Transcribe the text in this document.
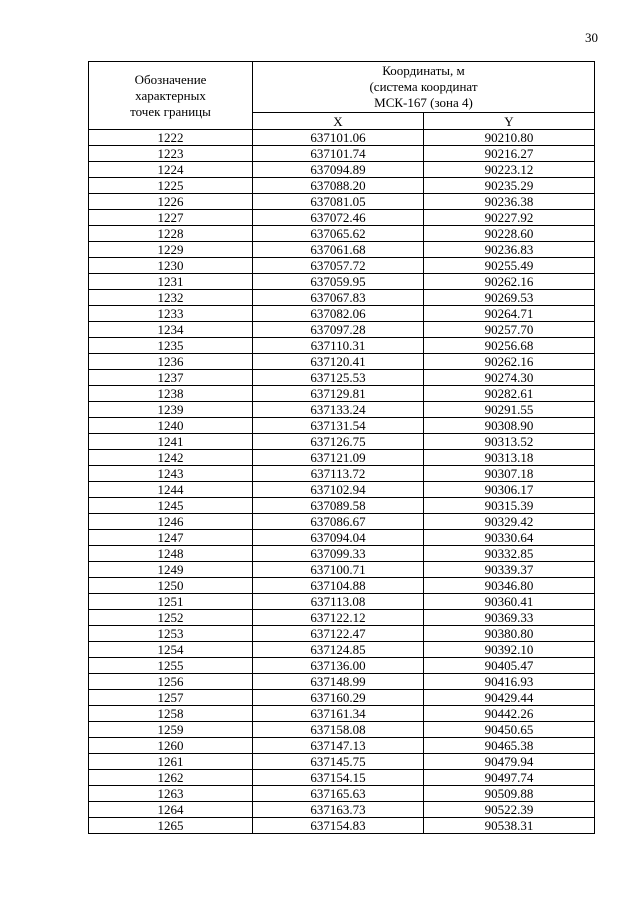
30
Обозначение
характерных
точек границы	Координаты, м
(система координат
МСК-167 (зона 4)	

	X	Y
1222	637101.06	90210.80
1223	637101.74	90216.27
1224	637094.89	90223.12
1225	637088.20	90235.29
1226	637081.05	90236.38
1227	637072.46	90227.92
1228	637065.62	90228.60
1229	637061.68	90236.83
1230	637057.72	90255.49
1231	637059.95	90262.16
1232	637067.83	90269.53
1233	637082.06	90264.71
1234	637097.28	90257.70
1235	637110.31	90256.68
1236	637120.41	90262.16
1237	637125.53	90274.30
1238	637129.81	90282.61
1239	637133.24	90291.55
1240	637131.54	90308.90
1241	637126.75	90313.52
1242	637121.09	90313.18
1243	637113.72	90307.18
1244	637102.94	90306.17
1245	637089.58	90315.39
1246	637086.67	90329.42
1247	637094.04	90330.64
1248	637099.33	90332.85
1249	637100.71	90339.37
1250	637104.88	90346.80
1251	637113.08	90360.41
1252	637122.12	90369.33
1253	637122.47	90380.80
1254	637124.85	90392.10
1255	637136.00	90405.47
1256	637148.99	90416.93
1257	637160.29	90429.44
1258	637161.34	90442.26
1259	637158.08	90450.65
1260	637147.13	90465.38
1261	637145.75	90479.94
1262	637154.15	90497.74
1263	637165.63	90509.88
1264	637163.73	90522.39
1265	637154.83	90538.31
